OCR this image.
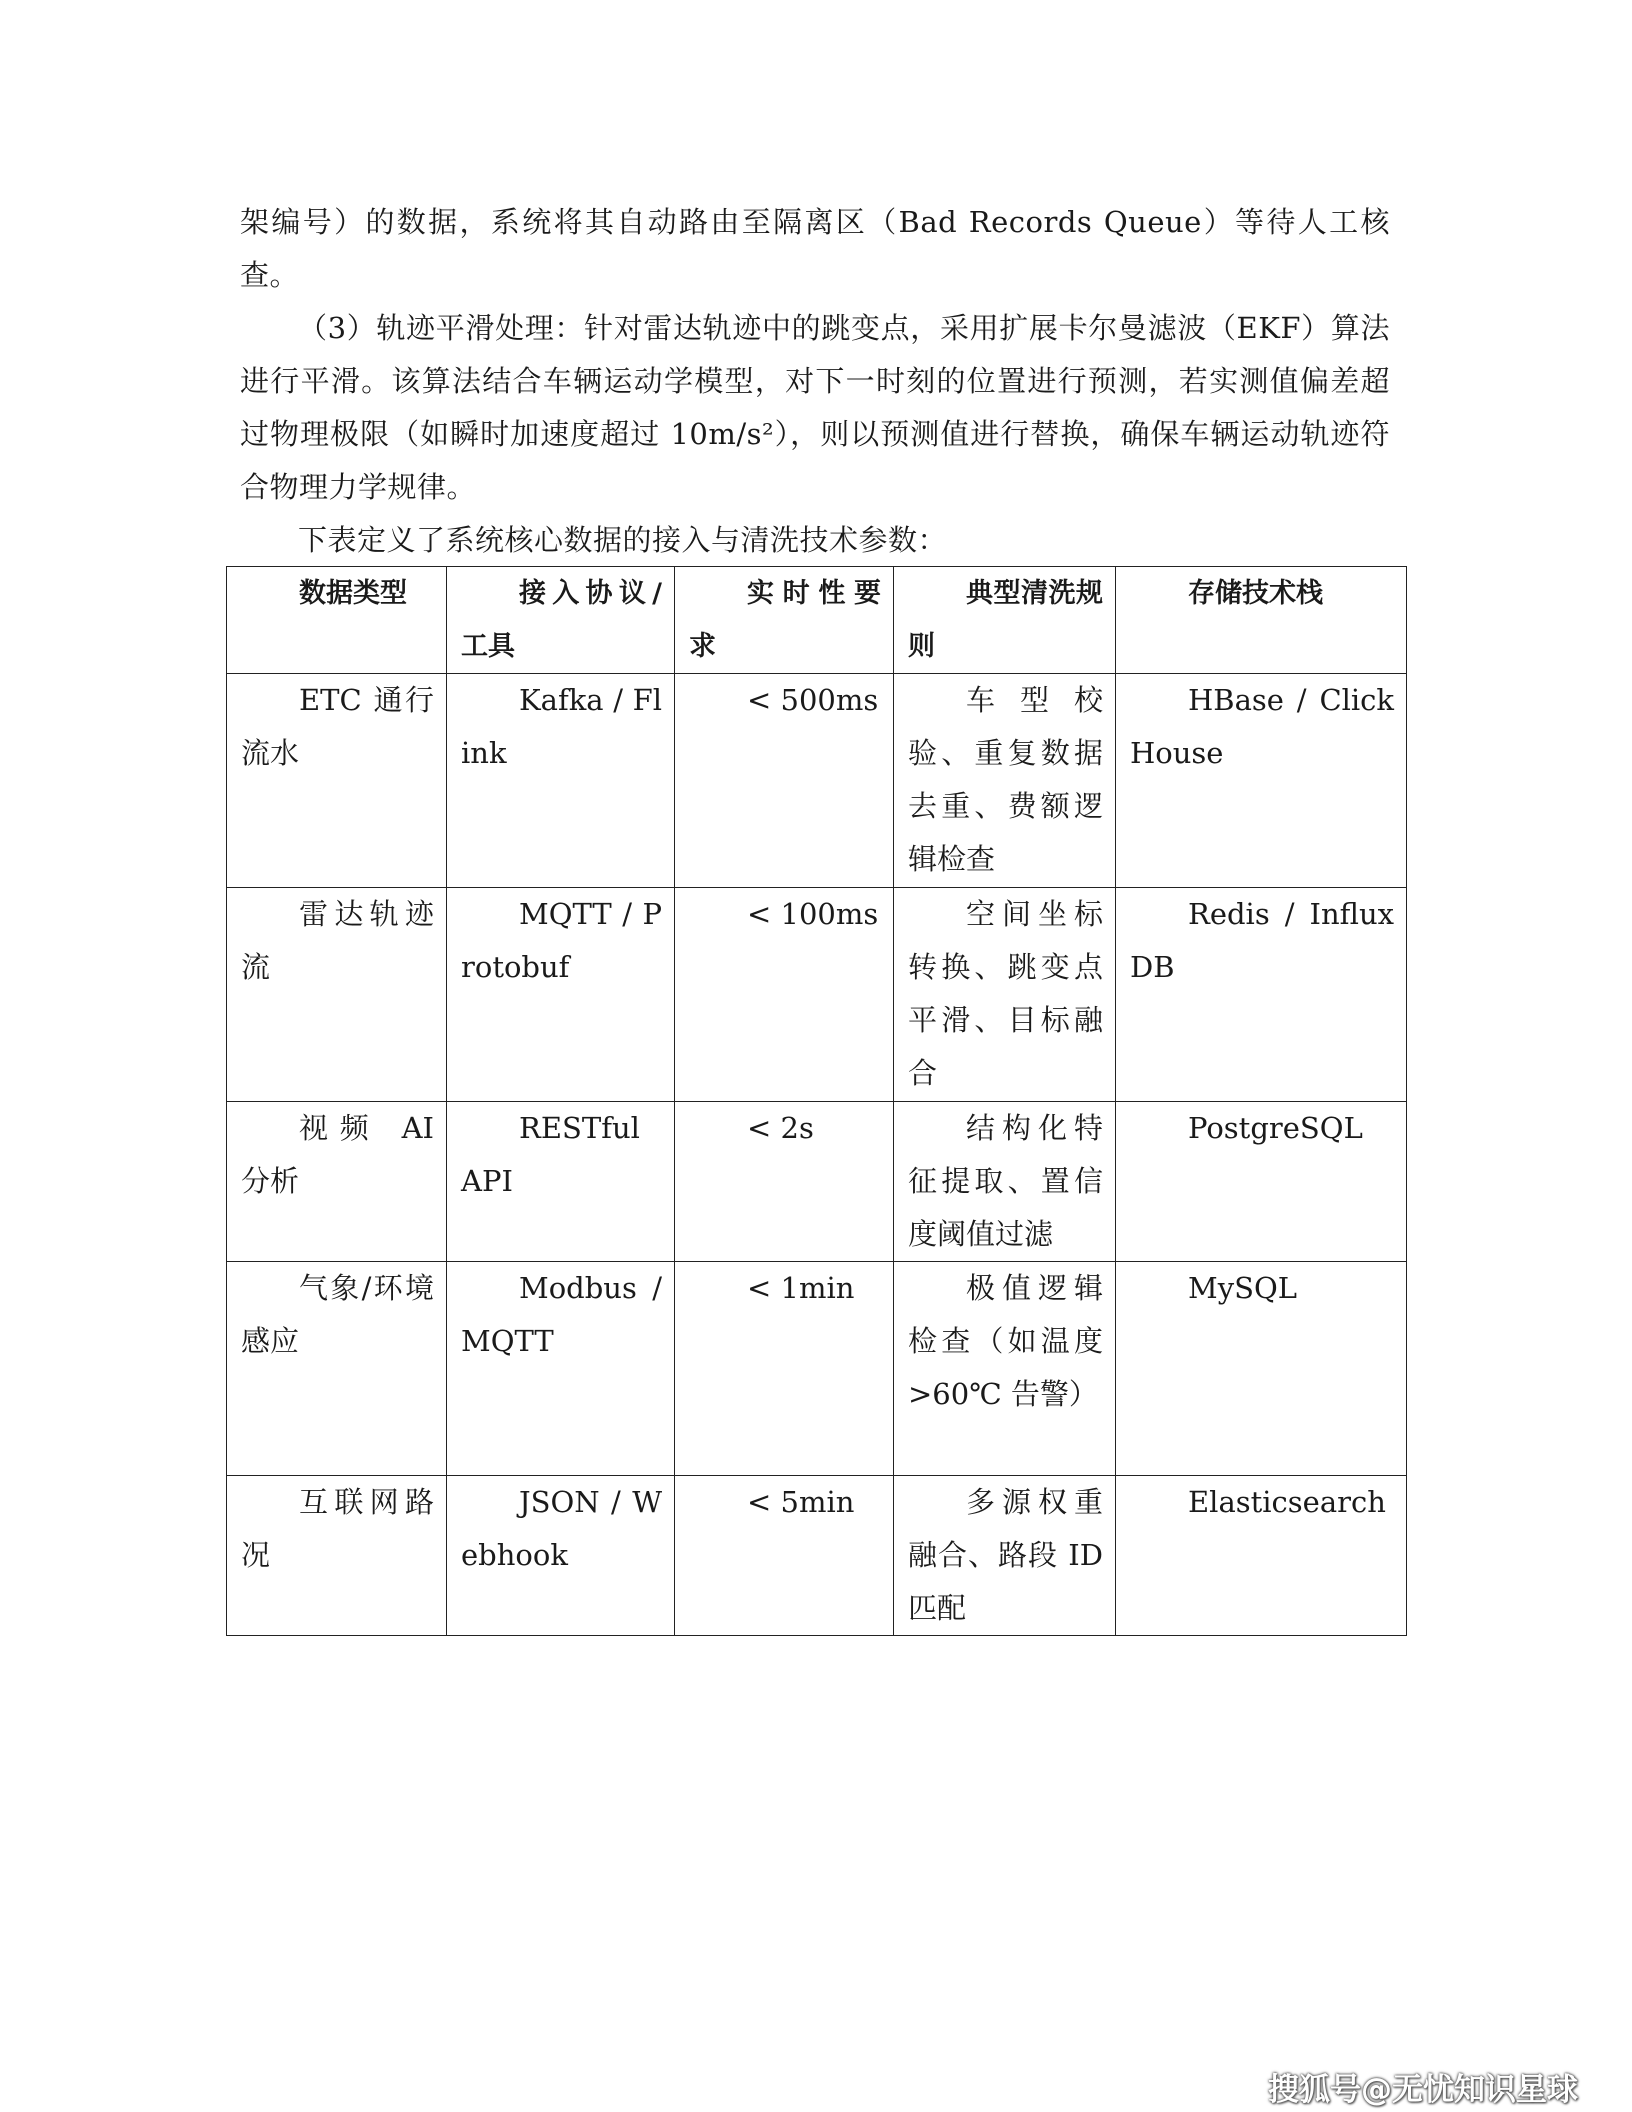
架编号）的数据，系统将其自动路由至隔离区（Bad Records Queue）等待人工核查。

（3）轨迹平滑处理：针对雷达轨迹中的跳变点，采用扩展卡尔曼滤波（EKF）算法进行平滑。该算法结合车辆运动学模型，对下一时刻的位置进行预测，若实测值偏差超过物理极限（如瞬时加速度超过 10m/s²），则以预测值进行替换，确保车辆运动轨迹符合物理力学规律。

下表定义了系统核心数据的接入与清洗技术参数：

数据类型	接入协议/工具	实时性要求	典型清洗规则	存储技术栈
ETC 通行流水	Kafka / Flink	< 500ms	车型校验、重复数据去重、费额逻辑检查	HBase / ClickHouse
雷达轨迹流	MQTT / Protobuf	< 100ms	空间坐标转换、跳变点平滑、目标融合	Redis / InfluxDB
视频 AI 分析	RESTful API	< 2s	结构化特征提取、置信度阈值过滤	PostgreSQL
气象/环境感应	Modbus / MQTT	< 1min	极值逻辑检查（如温度 >60℃ 告警）	MySQL
互联网路况	JSON / Webhook	< 5min	多源权重融合、路段 ID 匹配	Elasticsearch
搜狐号@无忧知识星球
